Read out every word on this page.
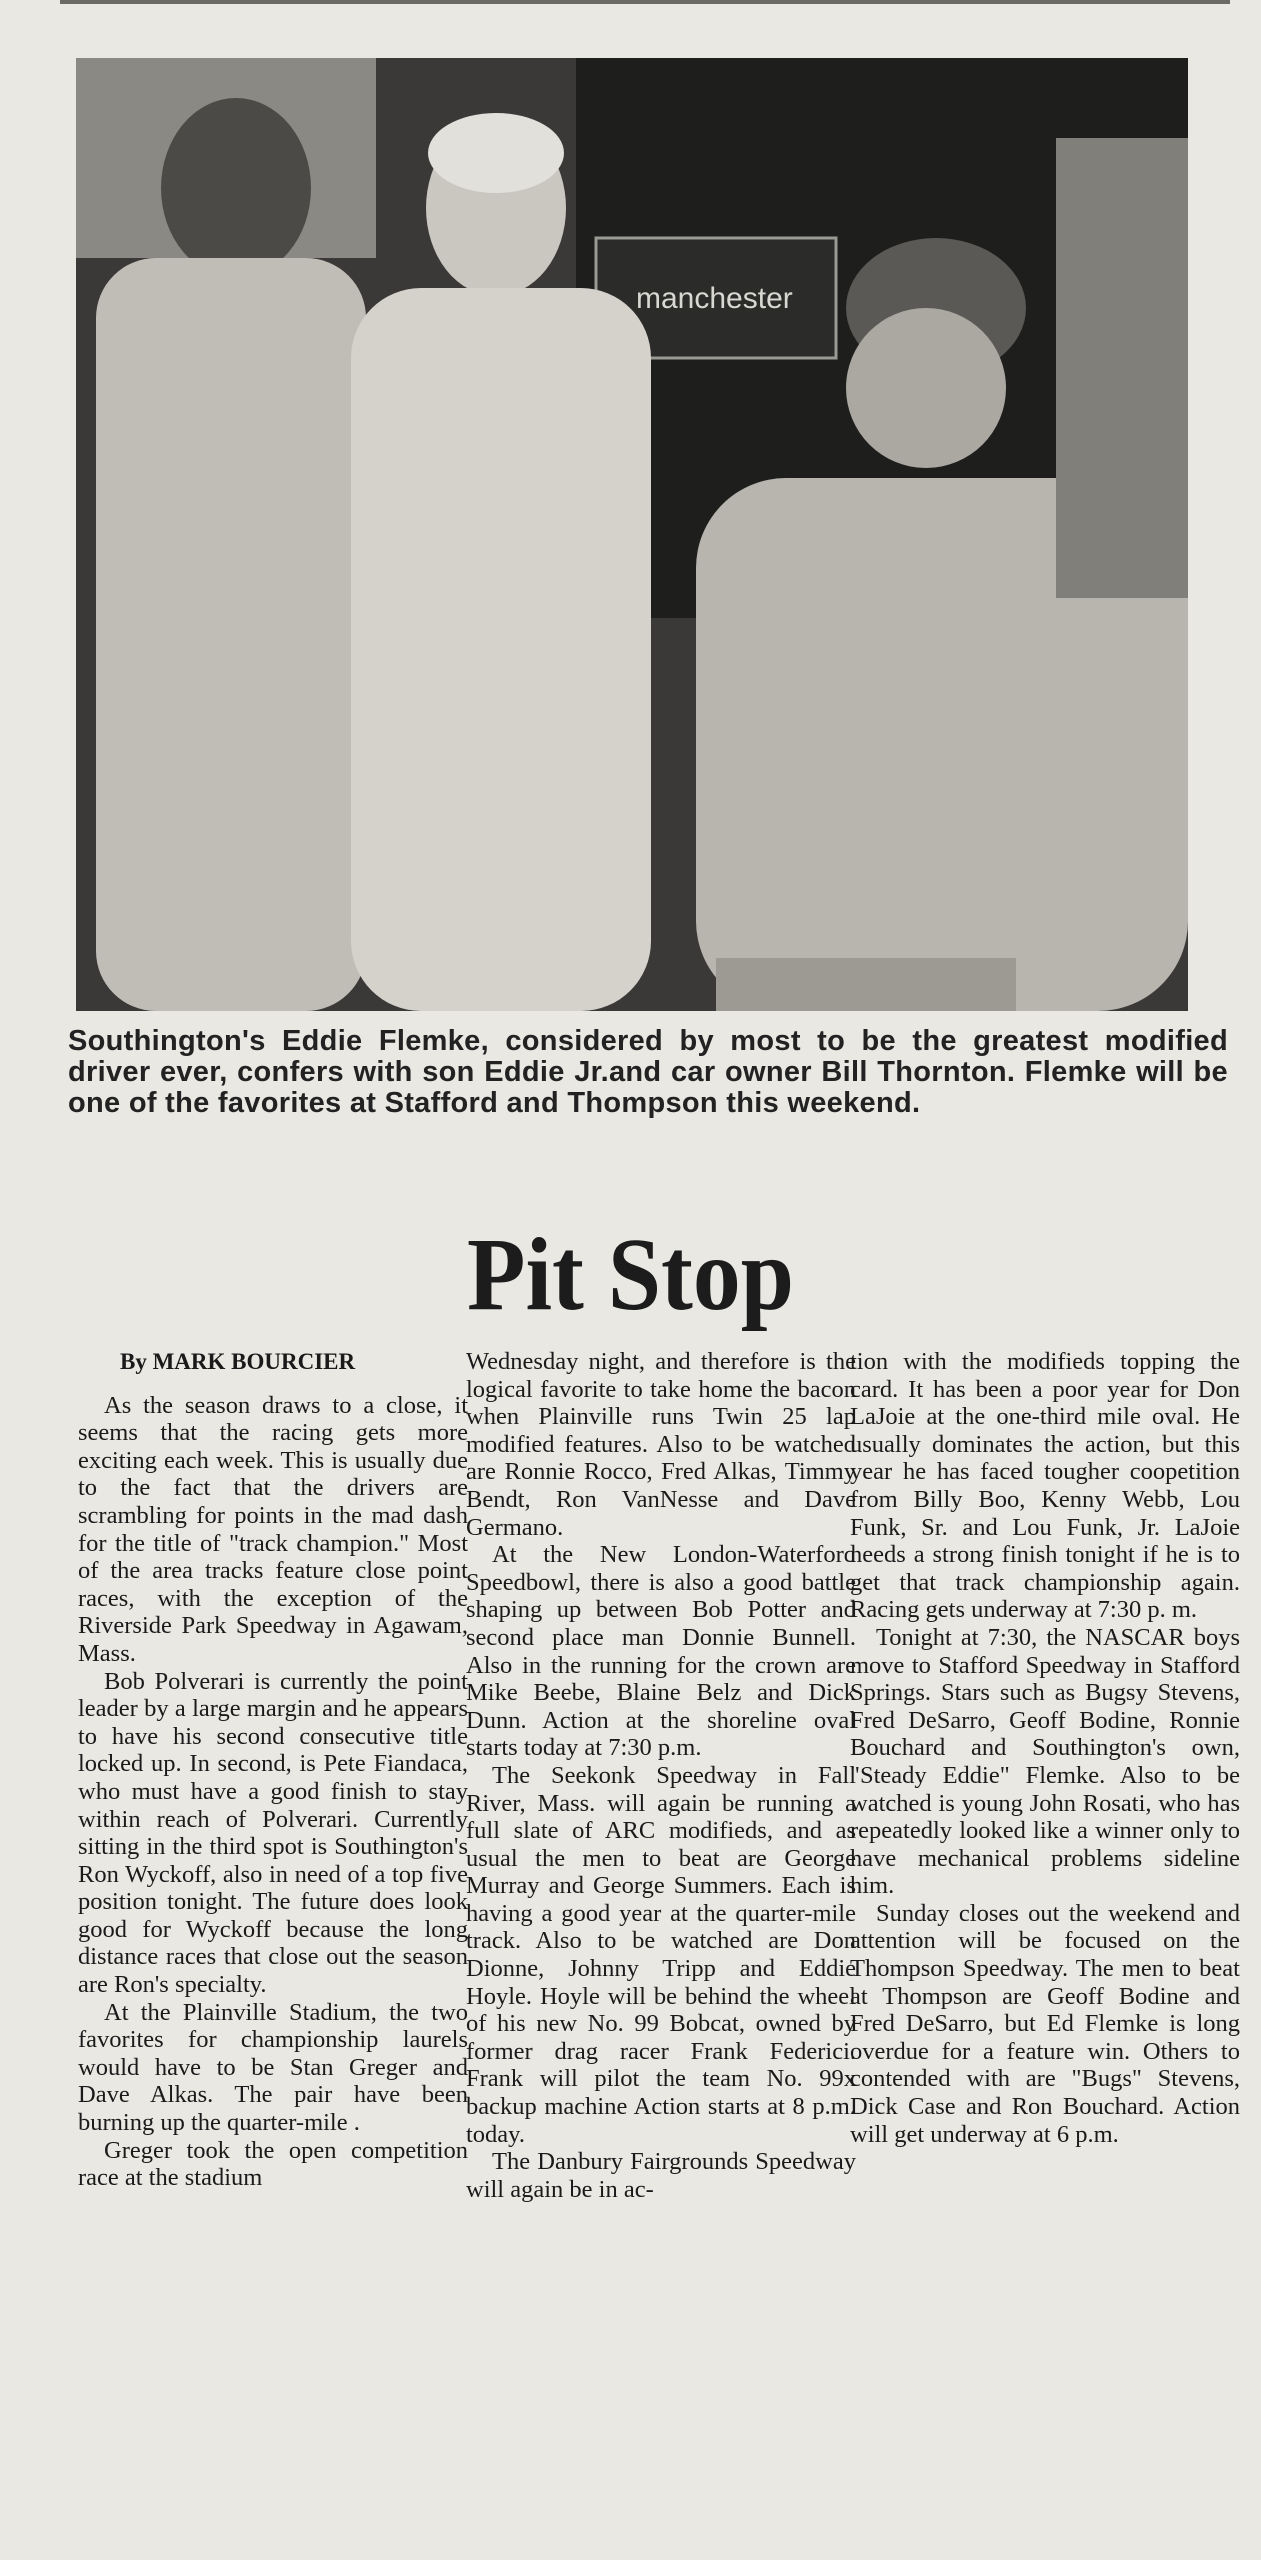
manchester
Southington's Eddie Flemke, considered by most to be the greatest modified driver ever, confers with son Eddie Jr.and car owner Bill Thornton. Flemke will be one of the favorites at Stafford and Thompson this weekend.
Pit Stop

By MARK BOURCIER

As the season draws to a close, it seems that the racing gets more exciting each week. This is usually due to the fact that the drivers are scrambling for points in the mad dash for the title of "track champion." Most of the area tracks feature close point races, with the exception of the Riverside Park Speedway in Agawam, Mass.

Bob Polverari is currently the point leader by a large margin and he appears to have his second consecutive title locked up. In second, is Pete Fiandaca, who must have a good finish to stay within reach of Polverari. Currently sitting in the third spot is Southington's Ron Wyckoff, also in need of a top five position tonight. The future does look good for Wyckoff because the long distance races that close out the season are Ron's specialty.

At the Plainville Stadium, the two favorites for championship laurels would have to be Stan Greger and Dave Alkas. The pair have been burning up the quarter-mile .

Greger took the open competition race at the stadium

Wednesday night, and therefore is the logical favorite to take home the bacon when Plainville runs Twin 25 lap modified features. Also to be watched are Ronnie Rocco, Fred Alkas, Timmy Bendt, Ron VanNesse and Dave Germano.

At the New London-Waterford Speedbowl, there is also a good battle shaping up between Bob Potter and second place man Donnie Bunnell. Also in the running for the crown are Mike Beebe, Blaine Belz and Dick Dunn. Action at the shoreline oval starts today at 7:30 p.m.

The Seekonk Speedway in Fall River, Mass. will again be running a full slate of ARC modifieds, and as usual the men to beat are George Murray and George Summers. Each is having a good year at the quarter-mile track. Also to be watched are Don Dionne, Johnny Tripp and Eddie Hoyle. Hoyle will be behind the wheel of his new No. 99 Bobcat, owned by former drag racer Frank Federici. Frank will pilot the team No. 99x backup machine Action starts at 8 p.m. today.

The Danbury Fairgrounds Speedway will again be in ac-

tion with the modifieds topping the card. It has been a poor year for Don LaJoie at the one-third mile oval. He usually dominates the action, but this year he has faced tougher coopetition from Billy Boo, Kenny Webb, Lou Funk, Sr. and Lou Funk, Jr. LaJoie needs a strong finish tonight if he is to get that track championship again. Racing gets underway at 7:30 p. m.

Tonight at 7:30, the NASCAR boys move to Stafford Speedway in Stafford Springs. Stars such as Bugsy Stevens, Fred DeSarro, Geoff Bodine, Ronnie Bouchard and Southington's own, "Steady Eddie" Flemke. Also to be watched is young John Rosati, who has repeatedly looked like a winner only to have mechanical problems sideline him.

Sunday closes out the weekend and attention will be focused on the Thompson Speedway. The men to beat at Thompson are Geoff Bodine and Fred DeSarro, but Ed Flemke is long overdue for a feature win. Others to contended with are "Bugs" Stevens, Dick Case and Ron Bouchard. Action will get underway at 6 p.m.
